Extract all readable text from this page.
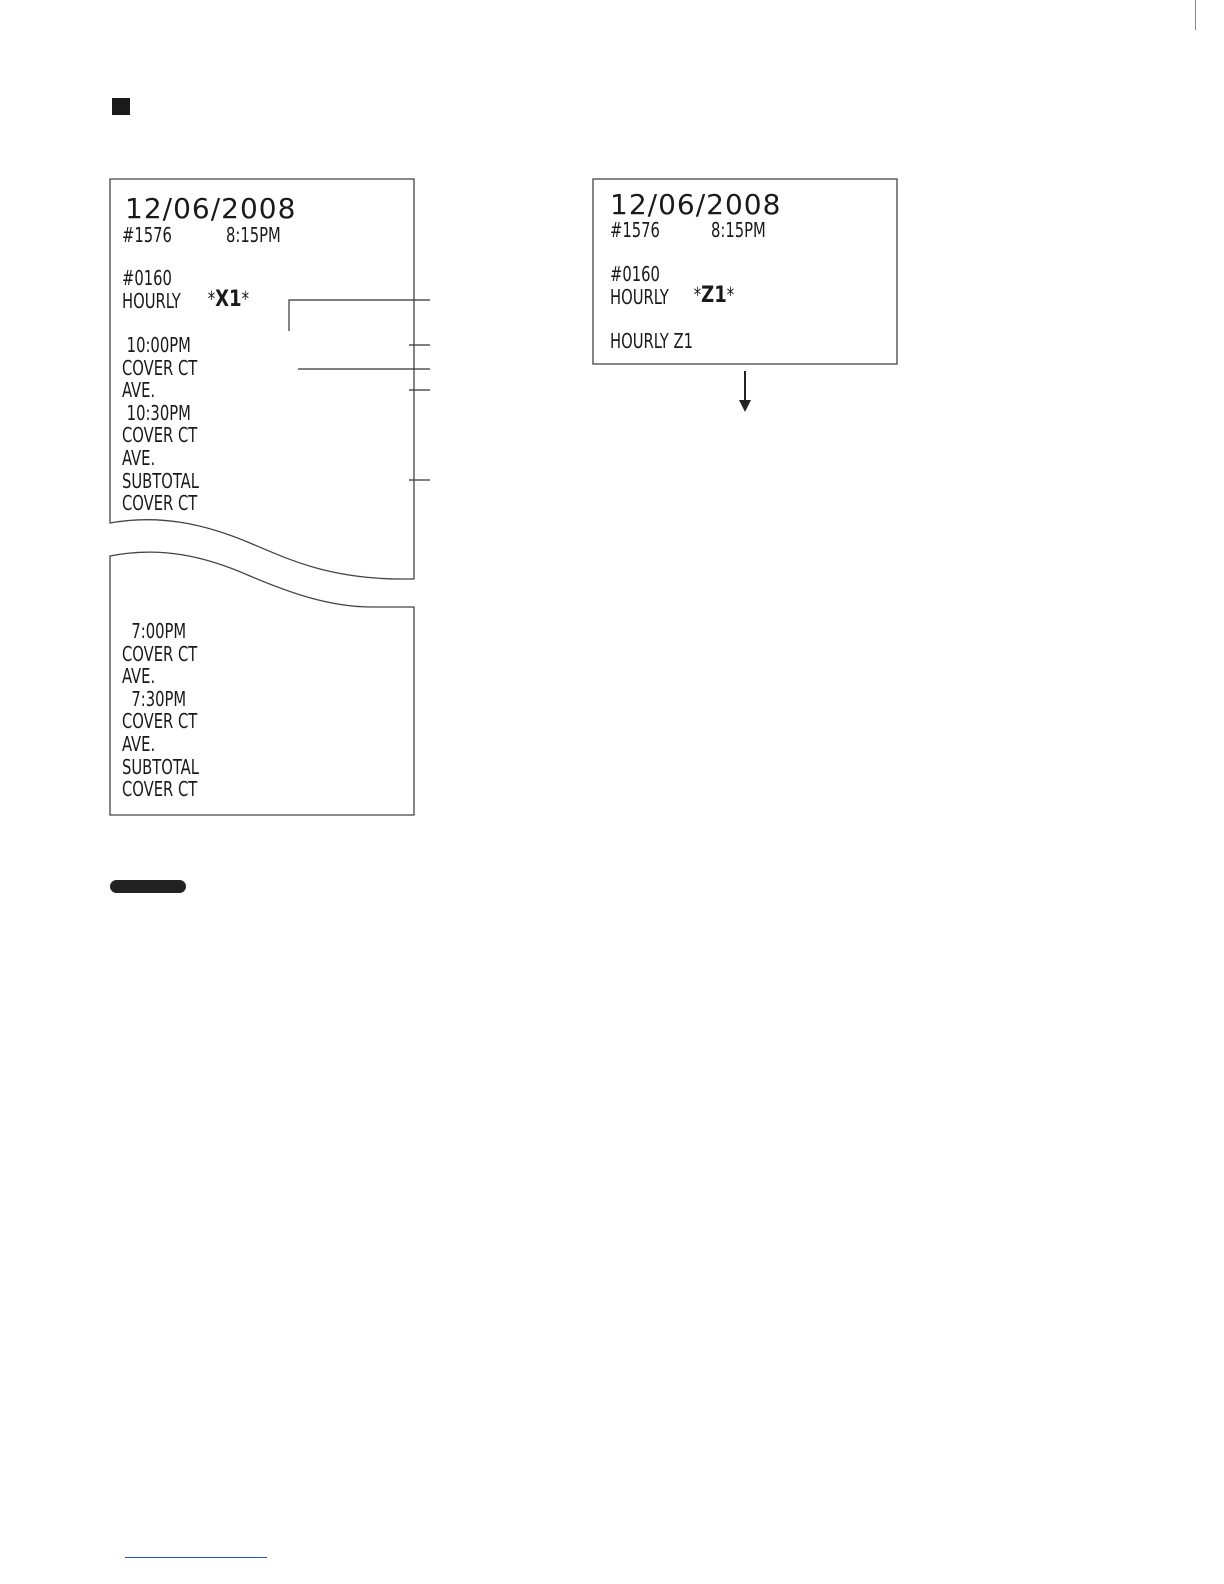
12/06/2008
#1576	8:15PM
#0160

*X1*

HOURLY
10:00PM
COVER CT
AVE.
10:30PM
COVER CT
AVE.
SUBTOTAL
COVER CT
7:00PM
COVER CT
AVE.
7:30PM
COVER CT
AVE.
SUBTOTAL
COVER CT
12/06/2008
#1576	8:15PM
#0160

*Z1*

HOURLY
HOURLY Z1
